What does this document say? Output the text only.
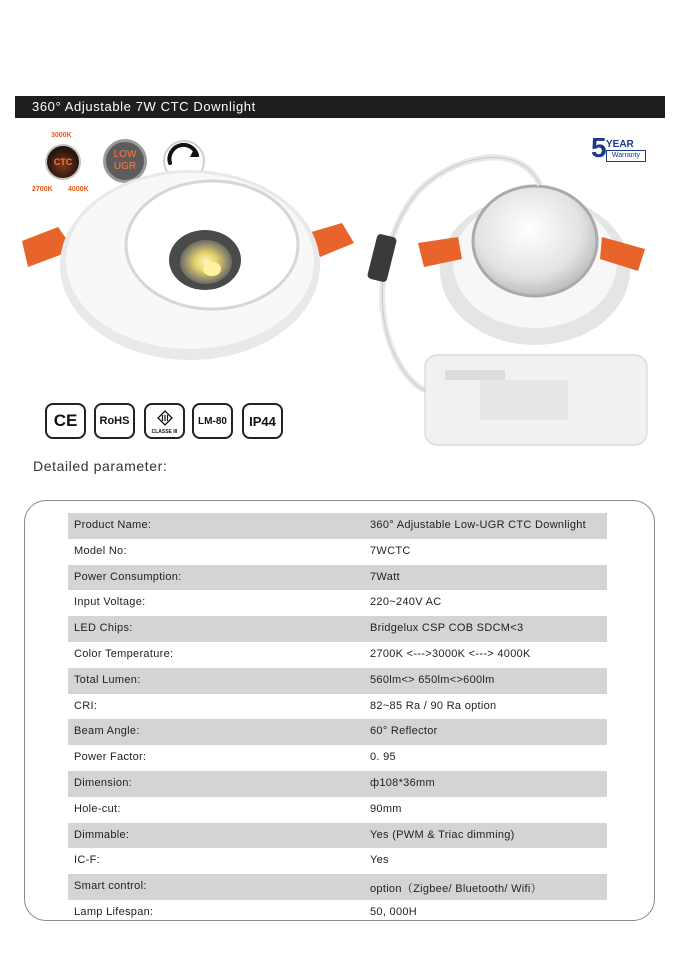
360° Adjustable 7W CTC Downlight
3000K
CTC
2700K 4000K
LOW
UGR
5 YEAR
Warranty
CE	RoHS
CLASSE III
LM-80	IP44
Detailed parameter:
Product Name:	360° Adjustable Low-UGR CTC Downlight
Model No:	7WCTC
Power Consumption:	7Watt
Input Voltage:	220~240V AC
LED Chips:	Bridgelux CSP COB SDCM<3
Color Temperature:	2700K <--->3000K <---> 4000K
Total Lumen:	560lm<> 650lm<>600lm
CRI:	82~85 Ra / 90 Ra option
Beam Angle:	60° Reflector
Power Factor:	0. 95
Dimension:	ф108*36mm
Hole-cut:	90mm
Dimmable:	Yes (PWM & Triac dimming)
IC-F:	Yes
Smart control:	option（Zigbee/ Bluetooth/ Wifi）
Lamp Lifespan:	50, 000H
